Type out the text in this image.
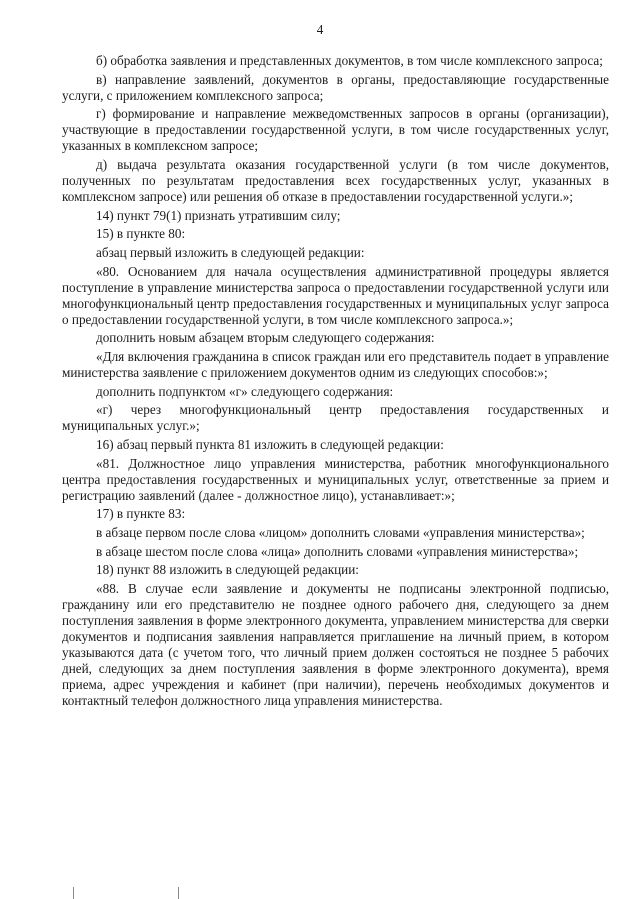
4

б) обработка заявления и представленных документов, в том числе комплексного запроса;

в) направление заявлений, документов в органы, предоставляющие государственные услуги, с приложением комплексного запроса;

г) формирование и направление межведомственных запросов в органы (организации), участвующие в предоставлении государственной услуги, в том числе государственных услуг, указанных в комплексном запросе;

д) выдача результата оказания государственной услуги (в том числе документов, полученных по результатам предоставления всех государственных услуг, указанных в комплексном запросе) или решения об отказе в предоставлении государственной услуги.»;

14) пункт 79(1) признать утратившим силу;

15) в пункте 80:

абзац первый изложить в следующей редакции:

«80. Основанием для начала осуществления административной процедуры является поступление в управление министерства запроса о предоставлении государственной услуги или многофункциональный центр предоставления государственных и муниципальных услуг запроса о предоставлении государственной услуги, в том числе комплексного запроса.»;

дополнить новым абзацем вторым следующего содержания:

«Для включения гражданина в список граждан или его представитель подает в управление министерства заявление с приложением документов одним из следующих способов:»;

дополнить подпунктом «г» следующего содержания:

«г) через многофункциональный центр предоставления государственных и муниципальных услуг.»;

16) абзац первый пункта 81 изложить в следующей редакции:

«81. Должностное лицо управления министерства, работник многофункционального центра предоставления государственных и муниципальных услуг, ответственные за прием и регистрацию заявлений (далее - должностное лицо), устанавливает:»;

17) в пункте 83:

в абзаце первом после слова «лицом» дополнить словами «управления министерства»;

в абзаце шестом после слова «лица» дополнить словами «управления министерства»;

18) пункт 88 изложить в следующей редакции:

«88. В случае если заявление и документы не подписаны электронной подписью, гражданину или его представителю не позднее одного рабочего дня, следующего за днем поступления заявления в форме электронного документа, управлением министерства для сверки документов и подписания заявления направляется приглашение на личный прием, в котором указываются дата (с учетом того, что личный прием должен состояться не позднее 5 рабочих дней, следующих за днем поступления заявления в форме электронного документа), время приема, адрес учреждения и кабинет (при наличии), перечень необходимых документов и контактный телефон должностного лица управления министерства.
